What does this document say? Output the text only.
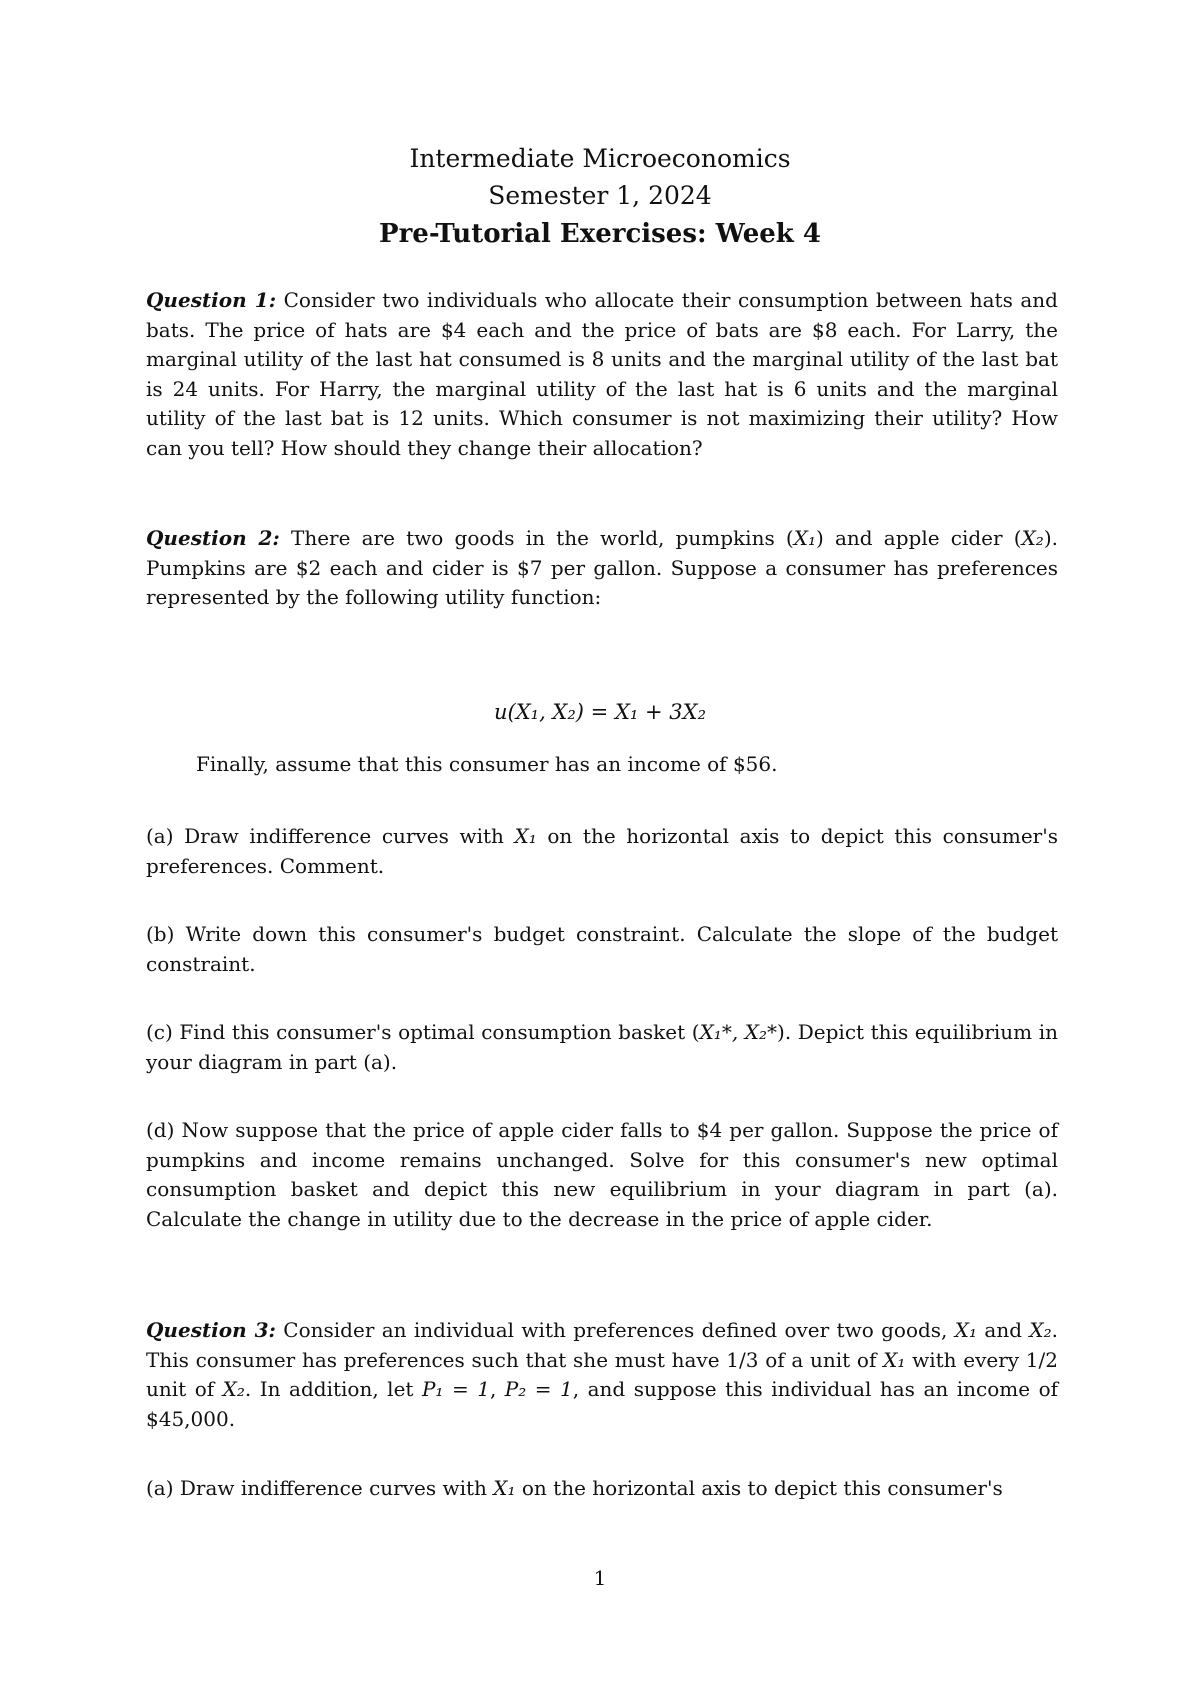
Intermediate Microeconomics
Semester 1, 2024
Pre-Tutorial Exercises: Week 4
Question 1: Consider two individuals who allocate their consumption between hats and bats. The price of hats are $4 each and the price of bats are $8 each. For Larry, the marginal utility of the last hat consumed is 8 units and the marginal utility of the last bat is 24 units. For Harry, the marginal utility of the last hat is 6 units and the marginal utility of the last bat is 12 units. Which consumer is not maximizing their utility? How can you tell? How should they change their allocation?
Question 2: There are two goods in the world, pumpkins (X₁) and apple cider (X₂). Pumpkins are $2 each and cider is $7 per gallon. Suppose a consumer has preferences represented by the following utility function:
u(X₁, X₂) = X₁ + 3X₂
Finally, assume that this consumer has an income of $56.
(a) Draw indifference curves with X₁ on the horizontal axis to depict this consumer's preferences. Comment.
(b) Write down this consumer's budget constraint. Calculate the slope of the budget constraint.
(c) Find this consumer's optimal consumption basket (X₁*, X₂*). Depict this equilibrium in your diagram in part (a).
(d) Now suppose that the price of apple cider falls to $4 per gallon. Suppose the price of pumpkins and income remains unchanged. Solve for this consumer's new optimal consumption basket and depict this new equilibrium in your diagram in part (a). Calculate the change in utility due to the decrease in the price of apple cider.
Question 3: Consider an individual with preferences defined over two goods, X₁ and X₂. This consumer has preferences such that she must have 1/3 of a unit of X₁ with every 1/2 unit of X₂. In addition, let P₁ = 1, P₂ = 1, and suppose this individual has an income of $45,000.
(a) Draw indifference curves with X₁ on the horizontal axis to depict this consumer's
1
